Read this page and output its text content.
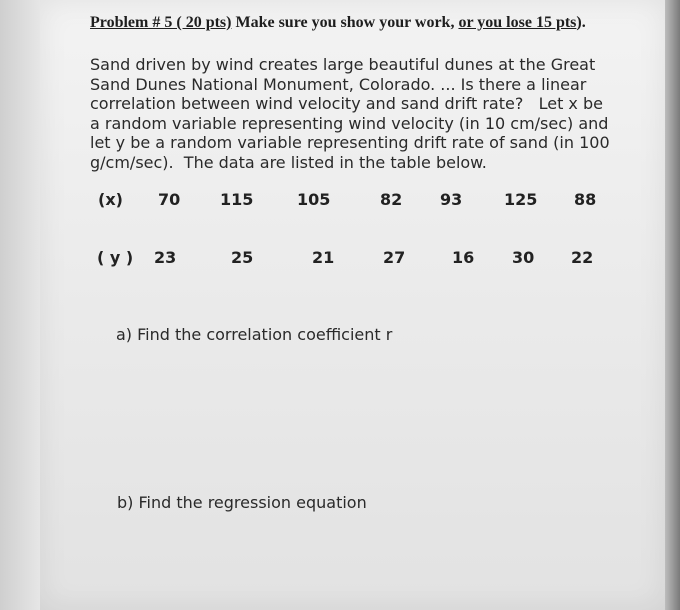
Problem # 5 ( 20 pts) Make sure you show your work, or you lose 15 pts).
Sand driven by wind creates large beautiful dunes at the Great
Sand Dunes National Monument, Colorado. ... Is there a linear
correlation between wind velocity and sand drift rate?   Let x be
a random variable representing wind velocity (in 10 cm/sec) and
let y be a random variable representing drift rate of sand (in 100
g/cm/sec).  The data are listed in the table below.
(x) 70 115	105	82 93	125 88
( y ) 23	25	21	27	16 30 22
a) Find the correlation coefficient r
b) Find the regression equation
